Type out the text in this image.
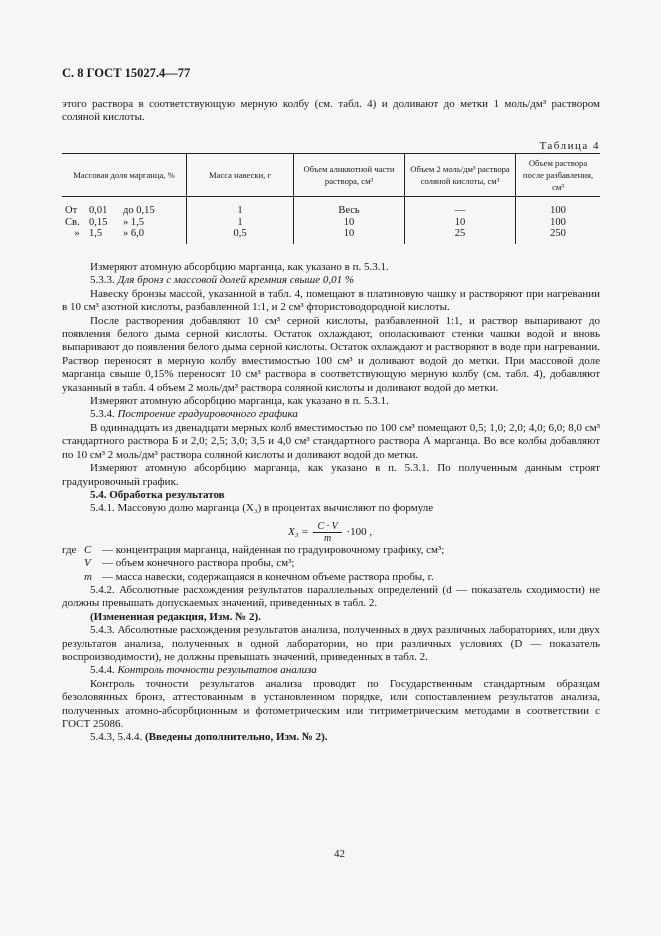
С. 8 ГОСТ 15027.4—77

этого раствора в соответствующую мерную колбу (см. табл. 4) и доливают до метки 1 моль/дм³ раствором соляной кислоты.

Таблица 4
Массовая доля марганца, %	Масса навески, г	Объем аликвотной части раствора, см³	Объем 2 моль/дм³ раствора соляной кислоты, см³	Объем раствора после разбавления, см³
От 0,01 до 0,15	1	Весь	—	100
Св. 0,15 » 1,5	1	10	10	100
» 1,5 » 6,0	0,5	10	25	250

Измеряют атомную абсорбцию марганца, как указано в п. 5.3.1.

5.3.3. Для бронз с массовой долей кремния свыше 0,01 %

Навеску бронзы массой, указанной в табл. 4, помещают в платиновую чашку и растворяют при нагревании в 10 см³ азотной кислоты, разбавленной 1:1, и 2 см³ фтористоводородной кислоты.

После растворения добавляют 10 см³ серной кислоты, разбавленной 1:1, и раствор выпаривают до появления белого дыма серной кислоты. Остаток охлаждают, ополаскивают стенки чашки водой и вновь выпаривают до появления белого дыма серной кислоты. Остаток охлаждают и растворяют в воде при нагревании. Раствор переносят в мерную колбу вместимостью 100 см³ и доливают водой до метки. При массовой доле марганца свыше 0,15% переносят 10 см³ раствора в соответствующую мерную колбу (см. табл. 4), добавляют указанный в табл. 4 объем 2 моль/дм³ раствора соляной кислоты и доливают водой до метки.

Измеряют атомную абсорбцию марганца, как указано в п. 5.3.1.

5.3.4. Построение градуировочного графика

В одиннадцать из двенадцати мерных колб вместимостью по 100 см³ помещают 0,5; 1,0; 2,0; 4,0; 6,0; 8,0 см³ стандартного раствора Б и 2,0; 2,5; 3,0; 3,5 и 4,0 см³ стандартного раствора А марганца. Во все колбы добавляют по 10 см³ 2 моль/дм³ раствора соляной кислоты и доливают водой до метки.

Измеряют атомную абсорбцию марганца, как указано в п. 5.3.1. По полученным данным строят градуировочный график.

5.4. Обработка результатов

5.4.1. Массовую долю марганца (X₃) в процентах вычисляют по формуле

$X_3 = \frac{C \cdot V}{m} \cdot 100$ ,
где C — концентрация марганца, найденная по градуировочному графику, см³;
V	— объем конечного раствора пробы, см³;
m — масса навески, содержащаяся в конечном объеме раствора пробы, г.

5.4.2. Абсолютные расхождения результатов параллельных определений (d — показатель сходимости) не должны превышать допускаемых значений, приведенных в табл. 2.

(Измененная редакция, Изм. № 2).

5.4.3. Абсолютные расхождения результатов анализа, полученных в двух различных лабораториях, или двух результатов анализа, полученных в одной лаборатории, но при различных условиях (D — показатель воспроизводимости), не должны превышать значений, приведенных в табл. 2.

5.4.4. Контроль точности результатов анализа

Контроль точности результатов анализа проводят по Государственным стандартным образцам безоловянных бронз, аттестованным в установленном порядке, или сопоставлением результатов анализа, полученных атомно-абсорбционным и фотометрическим или титриметрическим методами в соответствии с ГОСТ 25086.

5.4.3, 5.4.4. (Введены дополнительно, Изм. № 2).

42
